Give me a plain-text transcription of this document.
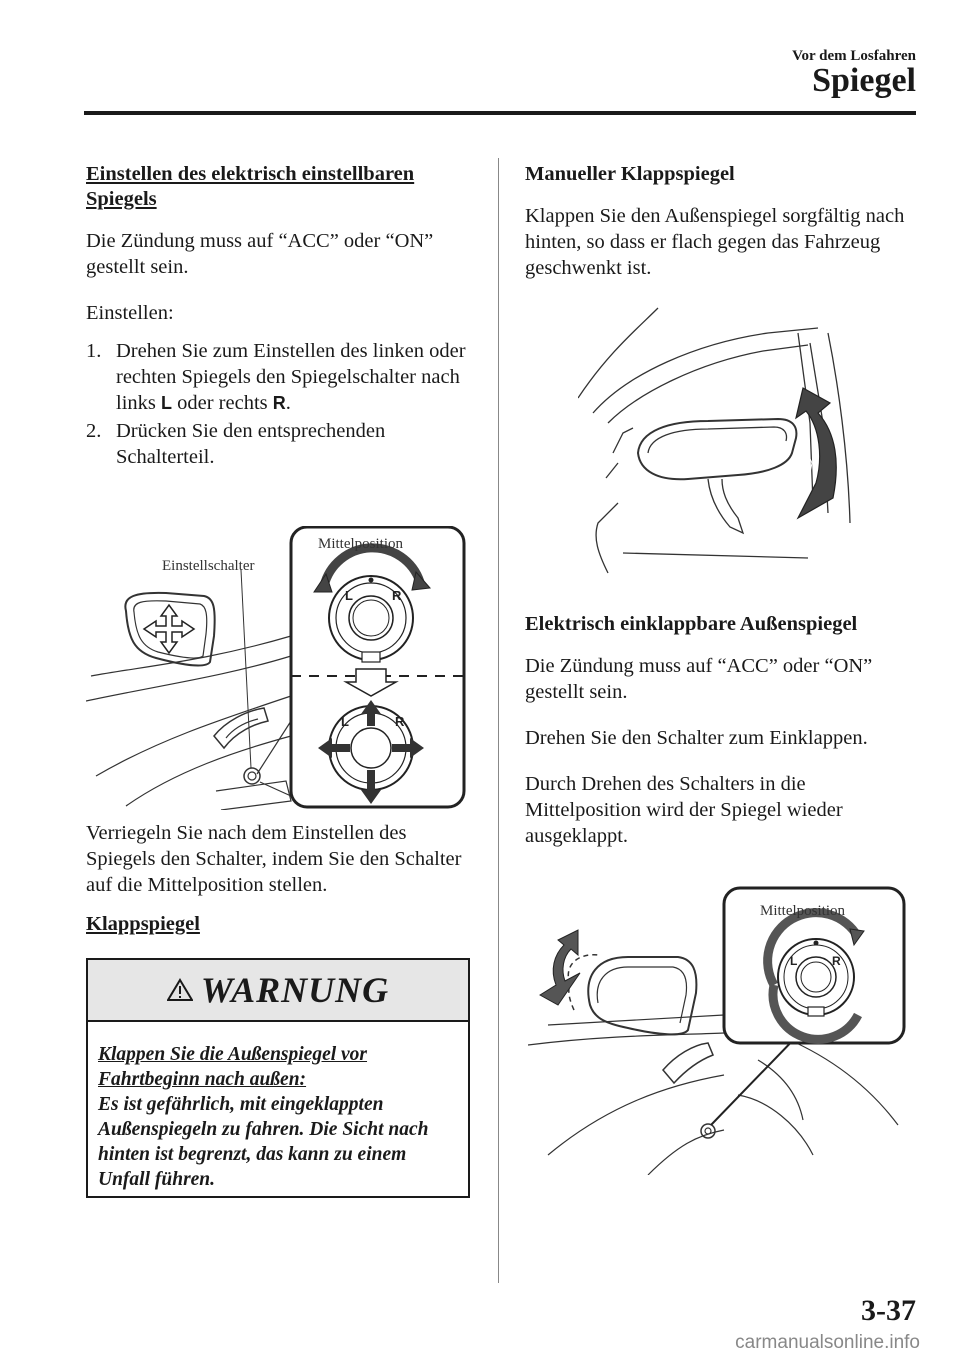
Vor dem Losfahren
Spiegel

Einstellen des elektrisch einstellbaren
Spiegels

Die Zündung muss auf “ACC” oder “ON” gestellt sein.

Einstellen:

1. Drehen Sie zum Einstellen des linken oder rechten Spiegels den Spiegelschalter nach links L oder rechts R.
2. Drücken Sie den entsprechenden Schalterteil.
L	R
L	R
Einstellschalter
Mittelposition

Verriegeln Sie nach dem Einstellen des Spiegels den Schalter, indem Sie den Schalter auf die Mittelposition stellen.

Klappspiegel

WARNUNG
Klappen Sie die Außenspiegel vor
Fahrtbeginn nach außen:
Es ist gefährlich, mit eingeklappten Außenspiegeln zu fahren. Die Sicht nach hinten ist begrenzt, das kann zu einem Unfall führen.

Manueller Klappspiegel

Klappen Sie den Außenspiegel sorgfältig nach hinten, so dass er flach gegen das Fahrzeug geschwenkt ist.

Elektrisch einklappbare Außenspiegel

Die Zündung muss auf “ACC” oder “ON” gestellt sein.

Drehen Sie den Schalter zum Einklappen.

Durch Drehen des Schalters in die Mittelposition wird der Spiegel wieder ausgeklappt.

L	R
Mittelposition
3-37
carmanualsonline.info
